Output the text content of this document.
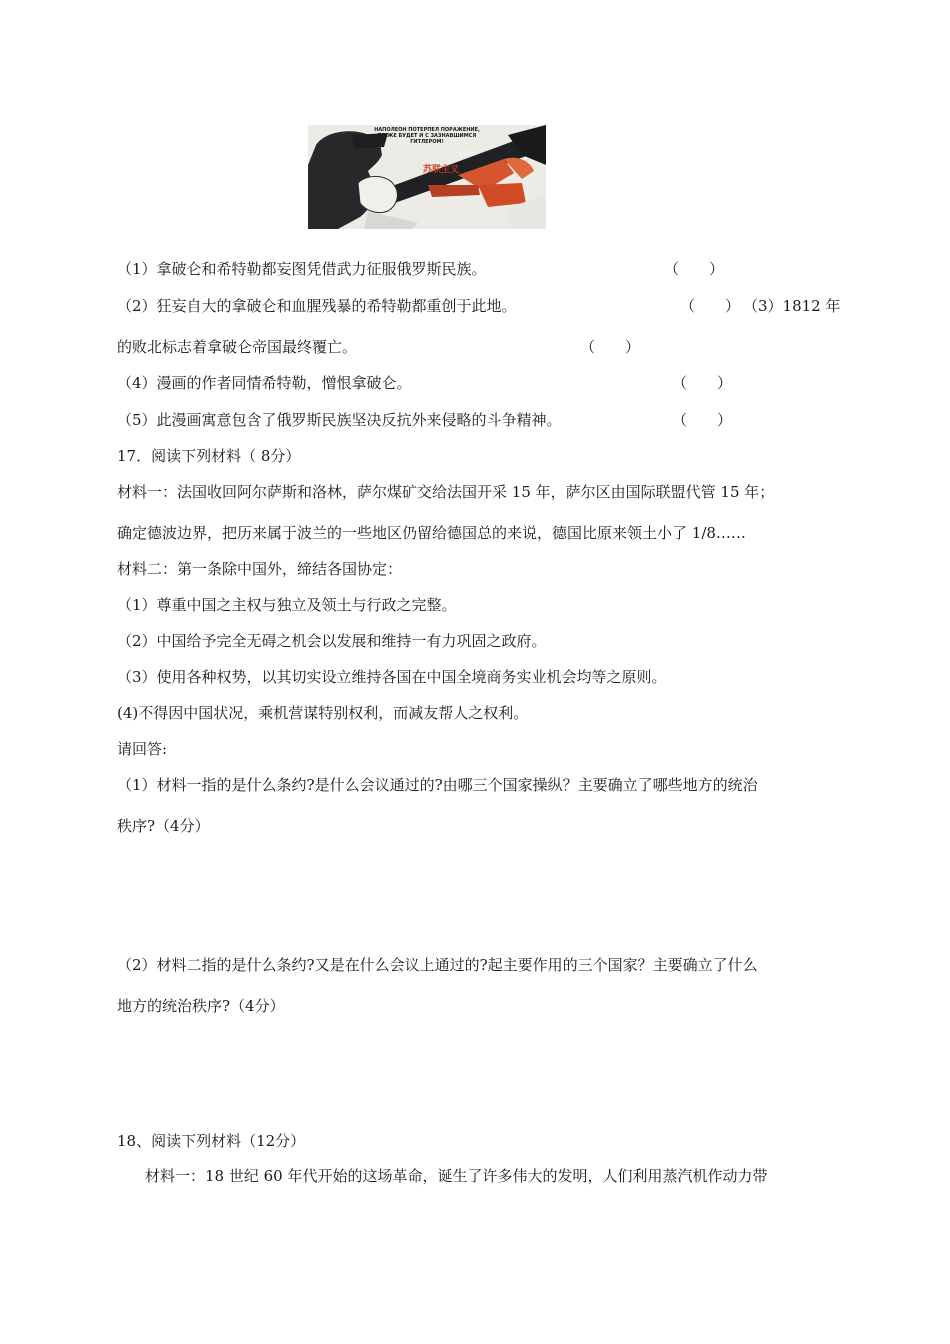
НАПОЛЕОН ПОТЕРПЕЛ ПОРАЖЕНИЕ,
ТО ЖЕ БУДЕТ И С ЗАЗНАВШИМСЯ
ГИТЛЕРОМ!
1812
苏联主义
（1）拿破仑和希特勒都妄图凭借武力征服俄罗斯民族。	（　　）
（2）狂妄自大的拿破仑和血腥残暴的希特勒都重创于此地。	（　　） （3）1812 年
的败北标志着拿破仑帝国最终覆亡。	（　　）
（4）漫画的作者同情希特勒，憎恨拿破仑。	（　　）
（5）此漫画寓意包含了俄罗斯民族坚决反抗外来侵略的斗争精神。	（　　）
17．阅读下列材料（ 8分）
材料一：法国收回阿尔萨斯和洛林，萨尔煤矿交给法国开采 15 年，萨尔区由国际联盟代管 15 年；
确定德波边界，把历来属于波兰的一些地区仍留给德国总的来说，德国比原来领土小了 1/8……
材料二：第一条除中国外，缔结各国协定：
（1）尊重中国之主权与独立及领土与行政之完整。
（2）中国给予完全无碍之机会以发展和维持一有力巩固之政府。
（3）使用各种权势，以其切实设立维持各国在中国全境商务实业机会均等之原则。
(4)不得因中国状况，乘机营谋特别权利，而减友帮人之权利。
请回答:
（1）材料一指的是什么条约?是什么会议通过的?由哪三个国家操纵？主要确立了哪些地方的统治
秩序?（4分）
（2）材料二指的是什么条约?又是在什么会议上通过的?起主要作用的三个国家？主要确立了什么
地方的统治秩序?（4分）
18、阅读下列材料（12分）
材料一：18 世纪 60 年代开始的这场革命，诞生了许多伟大的发明，人们利用蒸汽机作动力带
